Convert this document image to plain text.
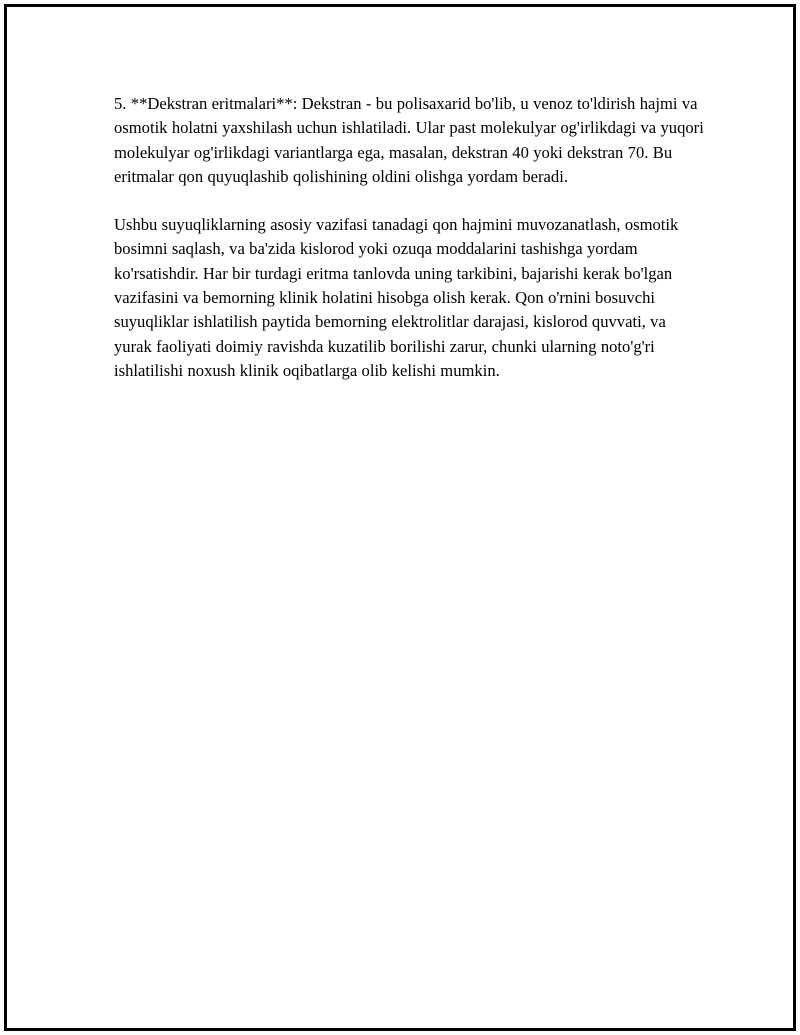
5. **Dekstran eritmalari**: Dekstran - bu polisaxarid bo'lib, u venoz to'ldirish hajmi va osmotik holatni yaxshilash uchun ishlatiladi. Ular past molekulyar og'irlikdagi va yuqori molekulyar og'irlikdagi variantlarga ega, masalan, dekstran 40 yoki dekstran 70. Bu eritmalar qon quyuqlashib qolishining oldini olishga yordam beradi.

Ushbu suyuqliklarning asosiy vazifasi tanadagi qon hajmini muvozanatlash, osmotik bosimni saqlash, va ba'zida kislorod yoki ozuqa moddalarini tashishga yordam ko'rsatishdir. Har bir turdagi eritma tanlovda uning tarkibini, bajarishi kerak bo'lgan vazifasini va bemorning klinik holatini hisobga olish kerak. Qon o'rnini bosuvchi suyuqliklar ishlatilish paytida bemorning elektrolitlar darajasi, kislorod quvvati, va yurak faoliyati doimiy ravishda kuzatilib borilishi zarur, chunki ularning noto'g'ri ishlatilishi noxush klinik oqibatlarga olib kelishi mumkin.
